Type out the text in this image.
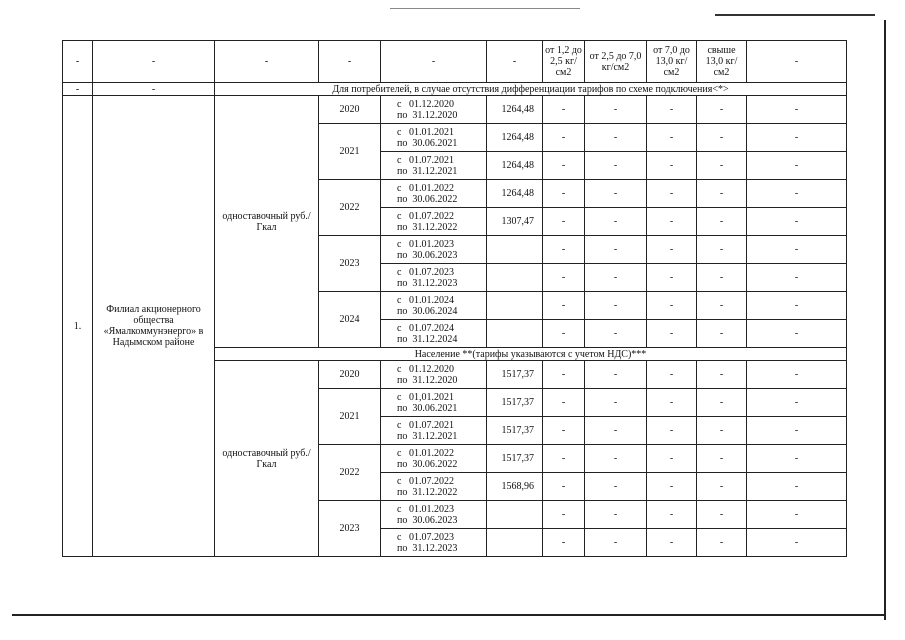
-	-	-	-	-	-	от 1,2 до 2,5 кг/см2	от 2,5 до 7,0 кг/см2	от 7,0 до 13,0 кг/см2	свыше 13,0 кг/см2	-
-	-	Для потребителей, в случае отсутствия дифференциации тарифов по схеме подключения<*>								
1.	Филиал акционерного общества «Ямалкоммунэнерго» в Надымском районе	одноставочный руб./Гкал	2020	с   01.12.2020
по  31.12.2020	1264,48	-	-	-	-	-
			2021	с   01.01.2021
по  30.06.2021	1264,48	-	-	-	-	-
				с   01.07.2021
по  31.12.2021	1264,48	-	-	-	-	-
			2022	с   01.01.2022
по  30.06.2022	1264,48	-	-	-	-	-
				с   01.07.2022
по  31.12.2022	1307,47	-	-	-	-	-
			2023	с   01.01.2023
по  30.06.2023		-	-	-	-	-
				с   01.07.2023
по  31.12.2023		-	-	-	-	-
			2024	с   01.01.2024
по  30.06.2024		-	-	-	-	-
				с   01.07.2024
по  31.12.2024		-	-	-	-	-
		Население **(тарифы указываются с учетом НДС)***								
		одноставочный руб./Гкал	2020	с   01.12.2020
по  31.12.2020	1517,37	-	-	-	-	-
			2021	с   01,01.2021
по  30.06.2021	1517,37	-	-	-	-	-
				с   01.07.2021
по  31.12.2021	1517,37	-	-	-	-	-
			2022	с   01.01.2022
по  30.06.2022	1517,37	-	-	-	-	-
				с   01.07.2022
по  31.12.2022	1568,96	-	-	-	-	-
			2023	с   01.01.2023
по  30.06.2023		-	-	-	-	-
				с   01.07.2023
по  31.12.2023		-	-	-	-	-
